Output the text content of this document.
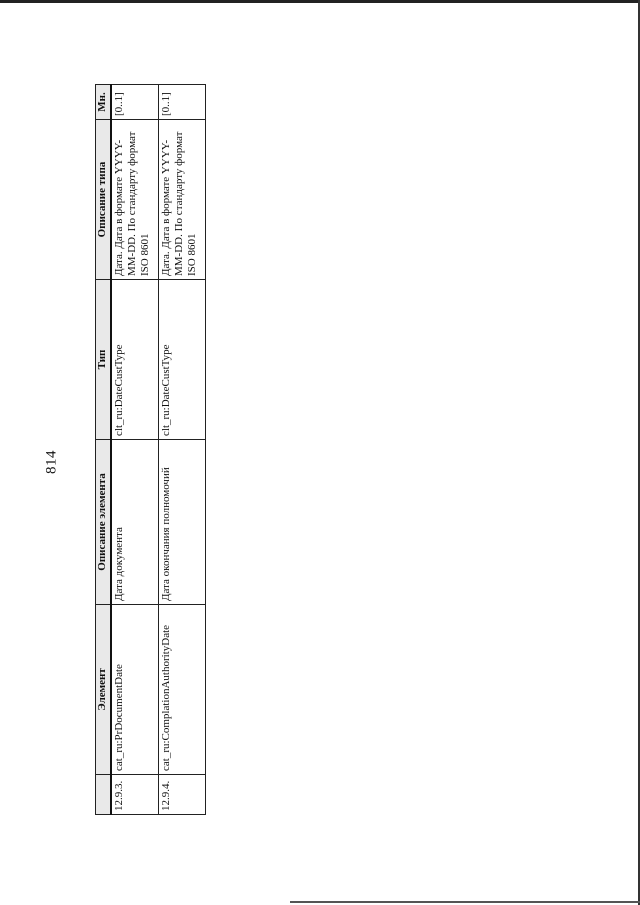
814
	Элемент	Описание элемента	Тип	Описание типа	Мн.
12.9.3.	cat_ru:PrDocumentDate	Дата документа	clt_ru:DateCustType	Дата. Дата в формате YYYY-MM-DD. По стандарту формат ISO 8601	[0..1]
12.9.4.	cat_ru:ComplationAuthorityDate	Дата окончания полномочий	clt_ru:DateCustType	Дата. Дата в формате YYYY-MM-DD. По стандарту формат ISO 8601	[0..1]
